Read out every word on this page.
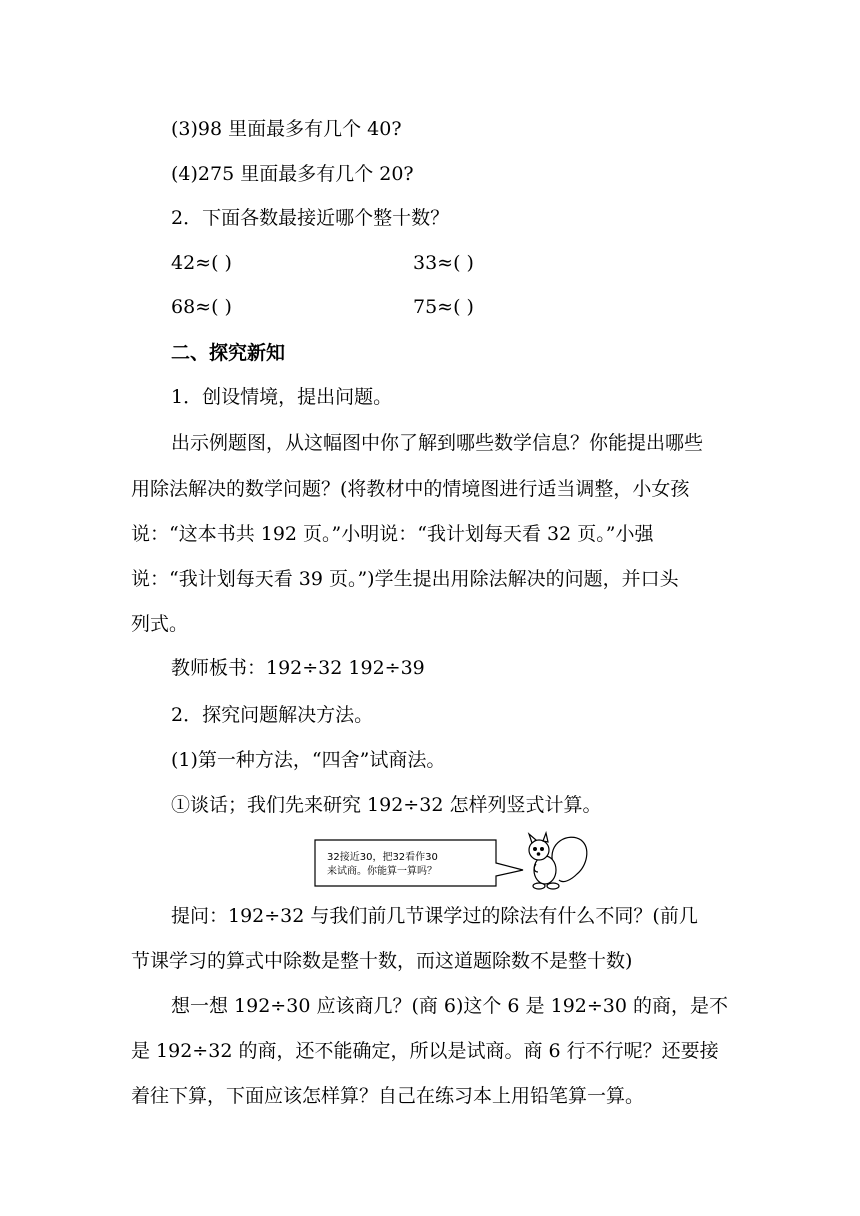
(3)98 里面最多有几个 40?
(4)275 里面最多有几个 20?
2．下面各数最接近哪个整十数？
42≈( )	33≈( )
68≈( )	75≈( )
二、探究新知
1．创设情境，提出问题。
出示例题图，从这幅图中你了解到哪些数学信息？你能提出哪些
用除法解决的数学问题？(将教材中的情境图进行适当调整，小女孩
说：“这本书共 192 页。”小明说：“我计划每天看 32 页。”小强
说：“我计划每天看 39 页。”)学生提出用除法解决的问题，并口头
列式。
教师板书：192÷32 192÷39
2．探究问题解决方法。
(1)第一种方法，“四舍”试商法。
①谈话；我们先来研究 192÷32 怎样列竖式计算。
32接近30，把32看作30
来试商。你能算一算吗？
提问：192÷32 与我们前几节课学过的除法有什么不同？(前几
节课学习的算式中除数是整十数，而这道题除数不是整十数)
想一想 192÷30 应该商几？(商 6)这个 6 是 192÷30 的商，是不
是 192÷32 的商，还不能确定，所以是试商。商 6 行不行呢？还要接
着往下算，下面应该怎样算？自己在练习本上用铅笔算一算。
